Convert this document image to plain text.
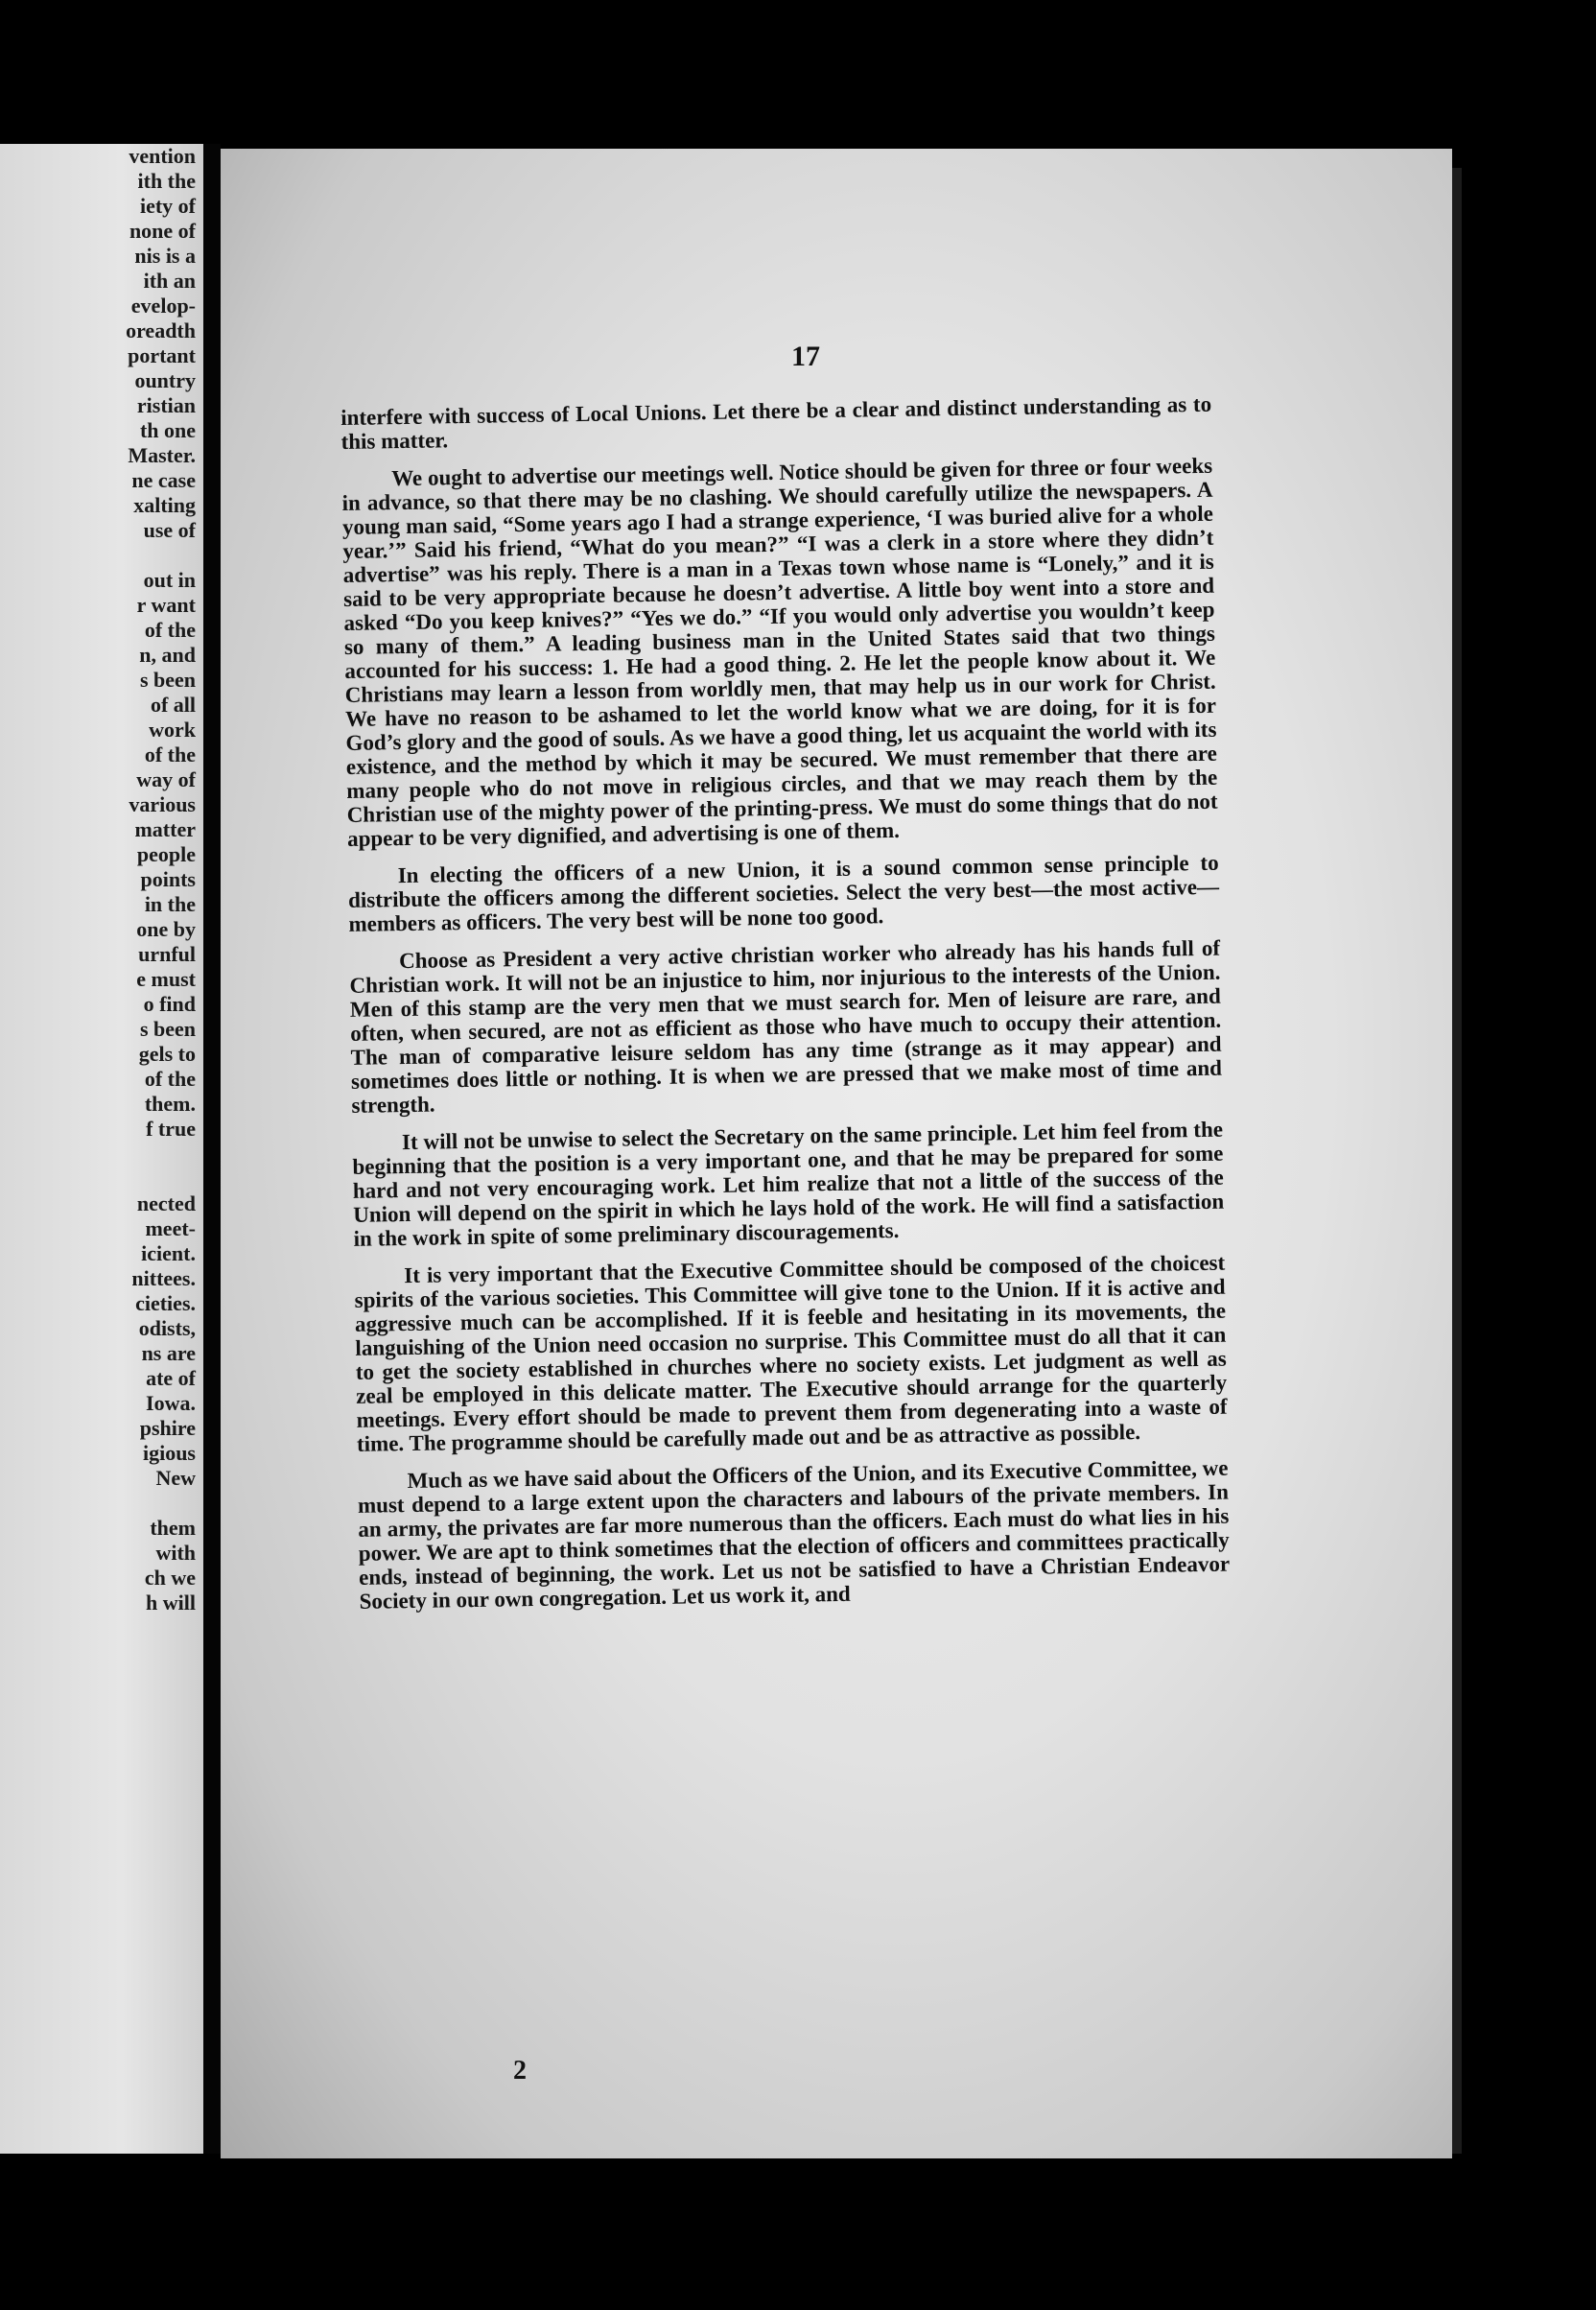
vention
ith the
iety of
none of
nis is a
ith an
evelop-
oreadth
portant
ountry
ristian
th one
Master.
ne case
xalting
use of
out in
r want
of the
n, and
s been
of all
work
of the
way of
various
matter
people
points
in the
one by
urnful
e must
o find
s been
gels to
of the
them.
f true
nected
meet-
icient.
nittees.
cieties.
odists,
ns are
ate of
Iowa.
pshire
igious
New
them
with
ch we
h will
17

interfere with success of Local Unions. Let there be a clear and distinct understanding as to this matter.

We ought to advertise our meetings well. Notice should be given for three or four weeks in advance, so that there may be no clashing. We should carefully utilize the newspapers. A young man said, “Some years ago I had a strange experience, ‘I was buried alive for a whole year.’” Said his friend, “What do you mean?” “I was a clerk in a store where they didn’t advertise” was his reply. There is a man in a Texas town whose name is “Lonely,” and it is said to be very appropriate because he doesn’t advertise. A little boy went into a store and asked “Do you keep knives?” “Yes we do.” “If you would only advertise you wouldn’t keep so many of them.” A leading business man in the United States said that two things accounted for his success: 1. He had a good thing. 2. He let the people know about it. We Christians may learn a lesson from worldly men, that may help us in our work for Christ. We have no reason to be ashamed to let the world know what we are doing, for it is for God’s glory and the good of souls. As we have a good thing, let us acquaint the world with its existence, and the method by which it may be secured. We must remember that there are many people who do not move in religious circles, and that we may reach them by the Christian use of the mighty power of the printing-press. We must do some things that do not appear to be very dignified, and advertising is one of them.

In electing the officers of a new Union, it is a sound common sense principle to distribute the officers among the different societies. Select the very best—the most active—members as officers. The very best will be none too good.

Choose as President a very active christian worker who already has his hands full of Christian work. It will not be an injustice to him, nor injurious to the interests of the Union. Men of this stamp are the very men that we must search for. Men of leisure are rare, and often, when secured, are not as efficient as those who have much to occupy their attention. The man of comparative leisure seldom has any time (strange as it may appear) and sometimes does little or nothing. It is when we are pressed that we make most of time and strength.

It will not be unwise to select the Secretary on the same principle. Let him feel from the beginning that the position is a very important one, and that he may be prepared for some hard and not very encouraging work. Let him realize that not a little of the success of the Union will depend on the spirit in which he lays hold of the work. He will find a satisfaction in the work in spite of some preliminary discouragements.

It is very important that the Executive Committee should be composed of the choicest spirits of the various societies. This Committee will give tone to the Union. If it is active and aggressive much can be accomplished. If it is feeble and hesitating in its movements, the languishing of the Union need occasion no surprise. This Committee must do all that it can to get the society established in churches where no society exists. Let judgment as well as zeal be employed in this delicate matter. The Executive should arrange for the quarterly meetings. Every effort should be made to prevent them from degenerating into a waste of time. The programme should be carefully made out and be as attractive as possible.

Much as we have said about the Officers of the Union, and its Executive Committee, we must depend to a large extent upon the characters and labours of the private members. In an army, the privates are far more numerous than the officers. Each must do what lies in his power. We are apt to think sometimes that the election of officers and committees practically ends, instead of beginning, the work. Let us not be satisfied to have a Christian Endeavor Society in our own congregation. Let us work it, and

2
